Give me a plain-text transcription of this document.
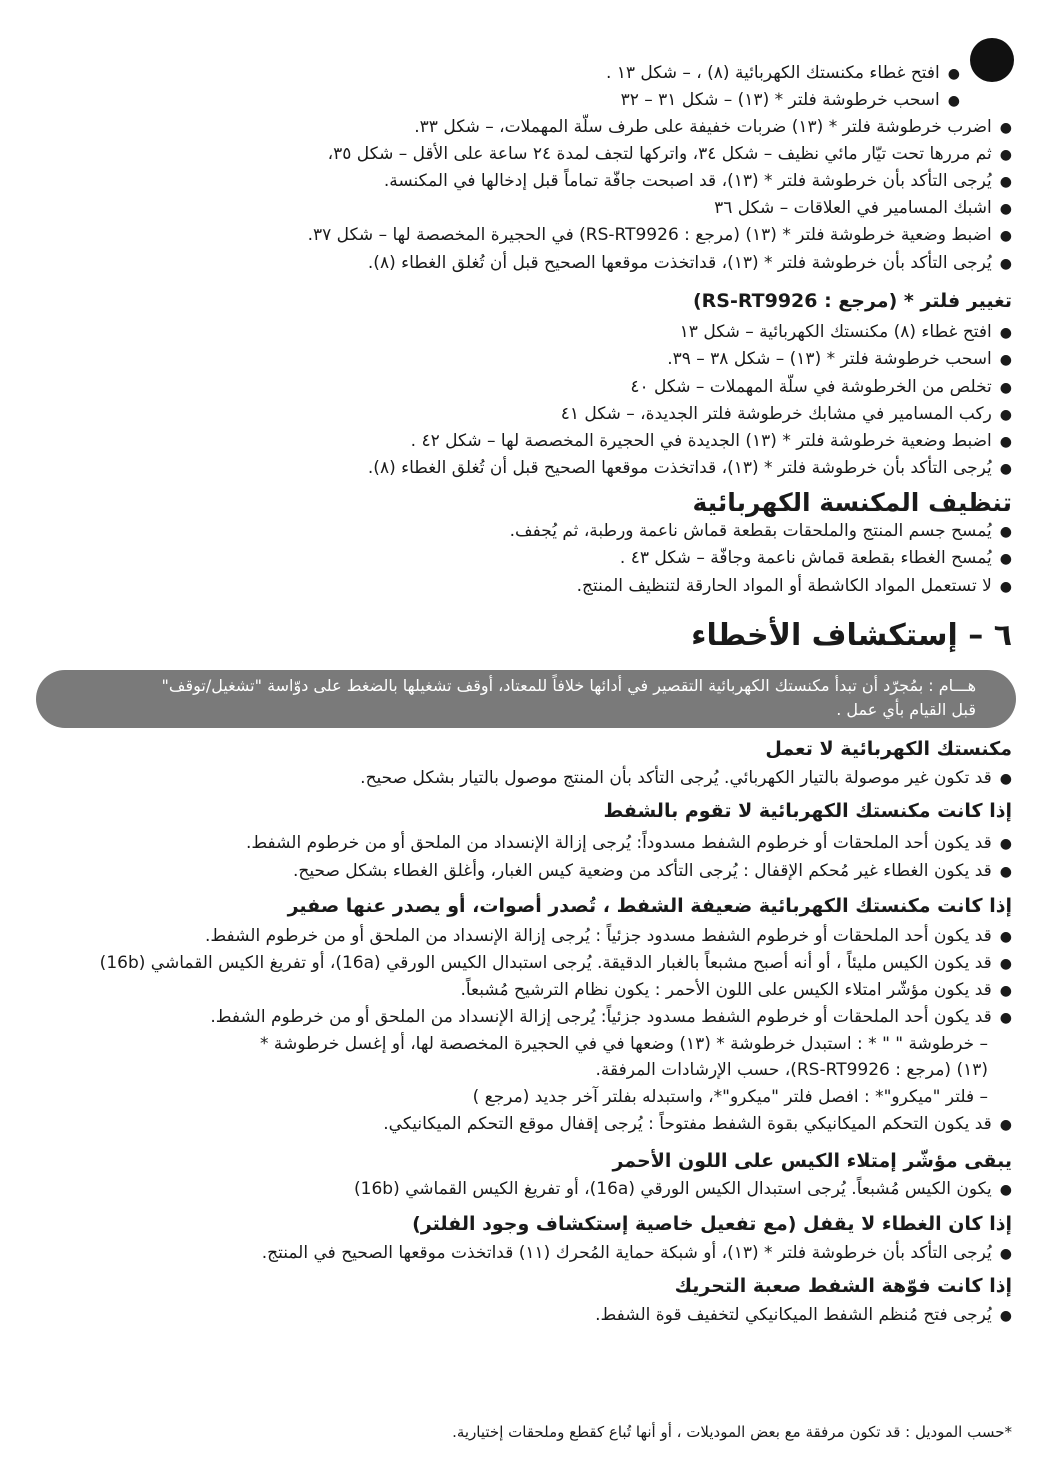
●افتح غطاء مكنستك الكهربائية (٨) ، – شكل ١٣ .
●اسحب خرطوشة فلتر * (١٣) – شكل ٣١ – ٣٢
●اضرب خرطوشة فلتر * (١٣) ضربات خفيفة على طرف سلّة المهملات، – شكل ٣٣.
●ثم مررها تحت تيّار مائي نظيف – شكل ٣٤، واتركها لتجف لمدة ٢٤ ساعة على الأقل – شكل ٣٥،
●يُرجى التأكد بأن خرطوشة فلتر * (١٣)، قد اصبحت جافّة تماماً قبل إدخالها في المكنسة.
●اشبك المسامير في العلاقات – شكل ٣٦
●اضبط وضعية خرطوشة فلتر * (١٣) (مرجع : RS-RT9926) في الحجيرة المخصصة لها – شكل ٣٧.
●يُرجى التأكد بأن خرطوشة فلتر * (١٣)، قداتخذت موقعها الصحيح قبل أن تُغلق الغطاء (٨).
تغيير فلتر * (مرجع : RS-RT9926)
●افتح غطاء (٨) مكنستك الكهربائية – شكل ١٣
●اسحب خرطوشة فلتر * (١٣) – شكل ٣٨ – ٣٩.
●تخلص من الخرطوشة في سلّة المهملات – شكل ٤٠
●ركب المسامير في مشابك خرطوشة فلتر الجديدة، – شكل ٤١
●اضبط وضعية خرطوشة فلتر * (١٣) الجديدة في الحجيرة المخصصة لها – شكل ٤٢ .
●يُرجى التأكد بأن خرطوشة فلتر * (١٣)، قداتخذت موقعها الصحيح قبل أن تُغلق الغطاء (٨).
تنظيف المكنسة الكهربائية
●يُمسح جسم المنتج والملحقات بقطعة قماش ناعمة ورطبة، ثم يُجفف.
●يُمسح الغطاء بقطعة قماش ناعمة وجافّة – شكل ٤٣ .
●لا تستعمل المواد الكاشطة أو المواد الحارقة لتنظيف المنتج.
٦ – إستكشاف الأخطاء

هـــام : بمُجرّد أن تبدأ مكنستك الكهربائية التقصير في أدائها خلافاً للمعتاد، أوقف تشغيلها بالضغط على دوّاسة "تشغيل/توقف"

قبل القيام بأي عمل .

مكنستك الكهربائية لا تعمل
●قد تكون غير موصولة بالتيار الكهربائي. يُرجى التأكد بأن المنتج موصول بالتيار بشكل صحيح.
إذا كانت مكنستك الكهربائية لا تقوم بالشفط
●قد يكون أحد الملحقات أو خرطوم الشفط مسدوداً: يُرجى إزالة الإنسداد من الملحق أو من خرطوم الشفط.
●قد يكون الغطاء غير مُحكم الإقفال : يُرجى التأكد من وضعية كيس الغبار، وأغلق الغطاء بشكل صحيح.
إذا كانت مكنستك الكهربائية ضعيفة الشفط ، تُصدر أصوات، أو يصدر عنها صفير
●قد يكون أحد الملحقات أو خرطوم الشفط مسدود جزئياً : يُرجى إزالة الإنسداد من الملحق أو من خرطوم الشفط.
●قد يكون الكيس مليئاً ، أو أنه أصبح مشبعاً بالغبار الدقيقة. يُرجى استبدال الكيس الورقي (16a)، أو تفريغ الكيس القماشي (16b)
●قد يكون مؤشّر امتلاء الكيس على اللون الأحمر : يكون نظام الترشيح مُشبعاً.
●قد يكون أحد الملحقات أو خرطوم الشفط مسدود جزئياً: يُرجى إزالة الإنسداد من الملحق أو من خرطوم الشفط.
– خرطوشة " " * : استبدل خرطوشة * (١٣) وضعها في في الحجيرة المخصصة لها، أو إغسل خرطوشة *
(١٣) (مرجع : RS-RT9926)، حسب الإرشادات المرفقة.
– فلتر "ميكرو"* : افصل فلتر "ميكرو"*، واستبدله بفلتر آخر جديد (مرجع )
●قد يكون التحكم الميكانيكي بقوة الشفط مفتوحاً : يُرجى إقفال موقع التحكم الميكانيكي.
يبقى مؤشّر إمتلاء الكيس على اللون الأحمر
●يكون الكيس مُشبعاً. يُرجى استبدال الكيس الورقي (16a)، أو تفريغ الكيس القماشي (16b)
إذا كان الغطاء لا يقفل (مع تفعيل خاصية إستكشاف وجود الفلتر)
●يُرجى التأكد بأن خرطوشة فلتر * (١٣)، أو شبكة حماية المُحرك (١١) قداتخذت موقعها الصحيح في المنتج.
إذا كانت فوّهة الشفط صعبة التحريك
●يُرجى فتح مُنظم الشفط الميكانيكي لتخفيف قوة الشفط.
*حسب الموديل : قد تكون مرفقة مع بعض الموديلات ، أو أنها تُباع كقطع وملحقات إختيارية.
